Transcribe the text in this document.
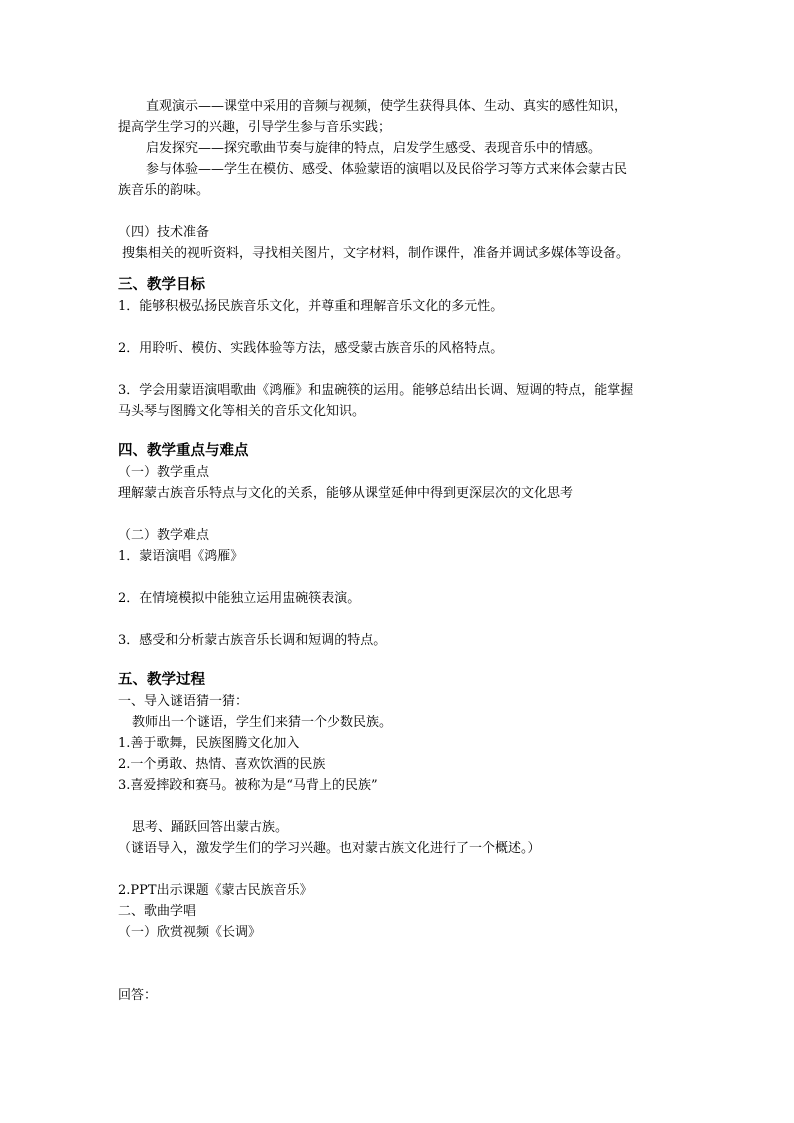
直观演示——课堂中采用的音频与视频，使学生获得具体、生动、真实的感性知识，

提高学生学习的兴趣，引导学生参与音乐实践；

启发探究——探究歌曲节奏与旋律的特点，启发学生感受、表现音乐中的情感。

参与体验——学生在模仿、感受、体验蒙语的演唱以及民俗学习等方式来体会蒙古民

族音乐的韵味。

（四）技术准备

搜集相关的视听资料，寻找相关图片，文字材料，制作课件，准备并调试多媒体等设备。

三、教学目标

1．能够积极弘扬民族音乐文化，并尊重和理解音乐文化的多元性。

2．用聆听、模仿、实践体验等方法，感受蒙古族音乐的风格特点。

3．学会用蒙语演唱歌曲《鸿雁》和盅碗筷的运用。能够总结出长调、短调的特点，能掌握

马头琴与图腾文化等相关的音乐文化知识。

四、教学重点与难点

（一）教学重点

理解蒙古族音乐特点与文化的关系，能够从课堂延伸中得到更深层次的文化思考

（二）教学难点

1．蒙语演唱《鸿雁》

2．在情境模拟中能独立运用盅碗筷表演。

3．感受和分析蒙古族音乐长调和短调的特点。

五、教学过程

一、导入谜语猜一猜：

教师出一个谜语，学生们来猜一个少数民族。

1.善于歌舞，民族图腾文化加入

2.一个勇敢、热情、喜欢饮酒的民族

3.喜爱摔跤和赛马。被称为是“马背上的民族”

思考、踊跃回答出蒙古族。

（谜语导入，激发学生们的学习兴趣。也对蒙古族文化进行了一个概述。）

2.PPT出示课题《蒙古民族音乐》

二、歌曲学唱

（一）欣赏视频《长调》

回答：
